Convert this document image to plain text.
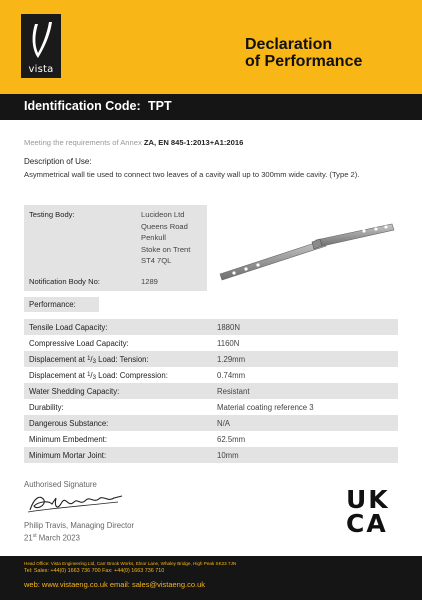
vista
Declaration
of Performance
Identification Code: TPT
Meeting the requirements of Annex ZA, EN 845-1:2013+A1:2016
Description of Use:
Asymmetrical wall tie used to connect two leaves of a cavity wall up to 300mm wide cavity. (Type 2).
Testing Body:	Lucideon Ltd
Queens Road
Penkull
Stoke on Trent
ST4 7QL
Notification Body No:	1289
Performance:
Tensile Load Capacity:	1880N
Compressive Load Capacity:	1160N
Displacement at $^1/_3$ Load: Tension:	1.29mm
Displacement at $^1/_3$ Load: Compression:	0.74mm
Water Shedding Capacity:	Resistant
Durability:	Material coating reference 3
Dangerous Substance:	N/A
Minimum Embedment:	62.5mm
Minimum Mortar Joint:	10mm
Authorised Signature
Philip Travis, Managing Director
21st March 2023
UK
CA
Head Office: Vista Engineering Ltd, Carr Brook Works, Elnor Lane, Whaley Bridge, High Peak SK23 7JN
Tel: Sales: +44(0) 1663 736 700 Fax: +44(0) 1663 736 710
web: www.vistaeng.co.uk email: sales@vistaeng.co.uk
